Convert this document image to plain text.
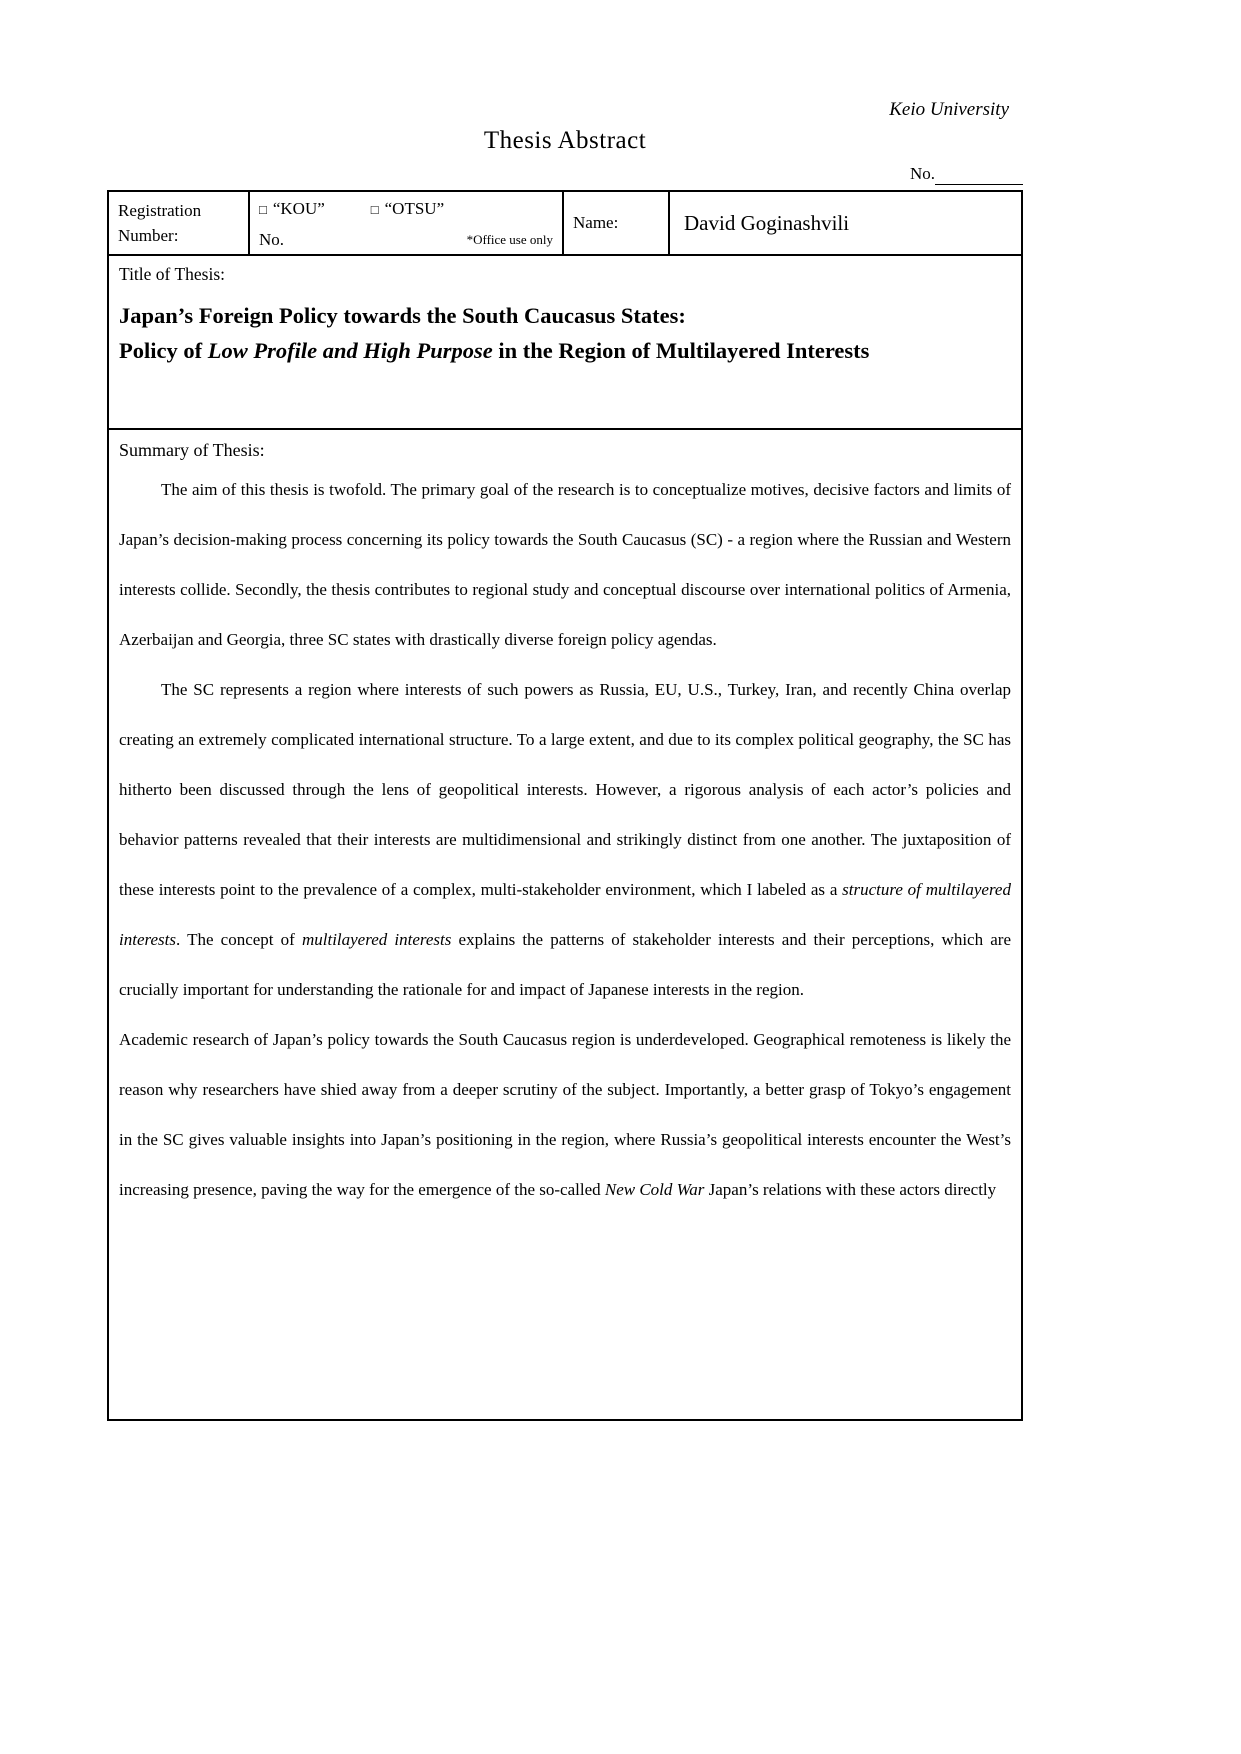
Keio University
Thesis Abstract
No.
Registration
Number:
□ “KOU”	□ “OTSU”
No.	*Office use only
Name:	David Goginashvili
Title of Thesis:
Japan’s Foreign Policy towards the South Caucasus States:
Policy of Low Profile and High Purpose in the Region of Multilayered Interests
Summary of Thesis:

The aim of this thesis is twofold. The primary goal of the research is to conceptualize motives, decisive factors and limits of Japan’s decision-making process concerning its policy towards the South Caucasus (SC) - a region where the Russian and Western interests collide. Secondly, the thesis contributes to regional study and conceptual discourse over international politics of Armenia, Azerbaijan and Georgia, three SC states with drastically diverse foreign policy agendas.

The SC represents a region where interests of such powers as Russia, EU, U.S., Turkey, Iran, and recently China overlap creating an extremely complicated international structure. To a large extent, and due to its complex political geography, the SC has hitherto been discussed through the lens of geopolitical interests. However, a rigorous analysis of each actor’s policies and behavior patterns revealed that their interests are multidimensional and strikingly distinct from one another. The juxtaposition of these interests point to the prevalence of a complex, multi-stakeholder environment, which I labeled as a structure of multilayered interests. The concept of multilayered interests explains the patterns of stakeholder interests and their perceptions, which are crucially important for understanding the rationale for and impact of Japanese interests in the region.

Academic research of Japan’s policy towards the South Caucasus region is underdeveloped. Geographical remoteness is likely the reason why researchers have shied away from a deeper scrutiny of the subject. Importantly, a better grasp of Tokyo’s engagement in the SC gives valuable insights into Japan’s positioning in the region, where Russia’s geopolitical interests encounter the West’s increasing presence, paving the way for the emergence of the so-called New Cold War Japan’s relations with these actors directly
